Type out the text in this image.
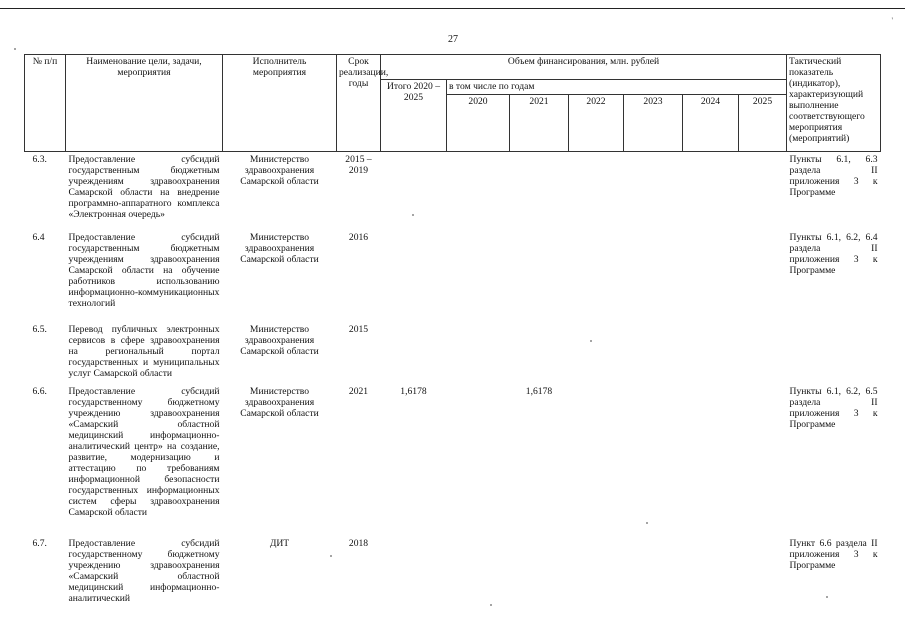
'
27
№ п/п	Наименование цели, задачи, мероприятия	Исполнитель мероприятия	Срок реализации, годы	Объем финансирования, млн. рублей							Тактический показатель (индикатор), характеризующий выполнение соответствующего мероприятия (мероприятий)
				Итого 2020 – 2025	в том числе по годам						
					2020	2021	2022	2023	2024	2025	
6.3.	Предоставление субсидий государственным бюджетным учреждениям здравоохранения Самарской области на внедрение программно-аппаратного комплекса «Электронная очередь»	Министерство здравоохранения Самарской области	2015 – 2019								Пункты 6.1, 6.3 раздела II приложения 3 к Программе
6.4	Предоставление субсидий государственным бюджетным учреждениям здравоохранения Самарской области на обучение работников использованию информационно-коммуникационных технологий	Министерство здравоохранения Самарской области	2016								Пункты 6.1, 6.2, 6.4 раздела II приложения 3 к Программе
6.5.	Перевод публичных электронных сервисов в сфере здравоохранения на региональный портал государственных и муниципальных услуг Самарской области	Министерство здравоохранения Самарской области	2015								
6.6.	Предоставление субсидий государственному бюджетному учреждению здравоохранения «Самарский областной медицинский информационно-аналитический центр» на создание, развитие, модернизацию и аттестацию по требованиям информационной безопасности государственных информационных систем сферы здравоохранения Самарской области	Министерство здравоохранения Самарской области	2021	1,6178		1,6178					Пункты 6.1, 6.2, 6.5 раздела II приложения 3 к Программе
6.7.	Предоставление субсидий государственному бюджетному учреждению здравоохранения «Самарский областной медицинский информационно-аналитический	ДИТ	2018								Пункт 6.6 раздела II приложения 3 к Программе
